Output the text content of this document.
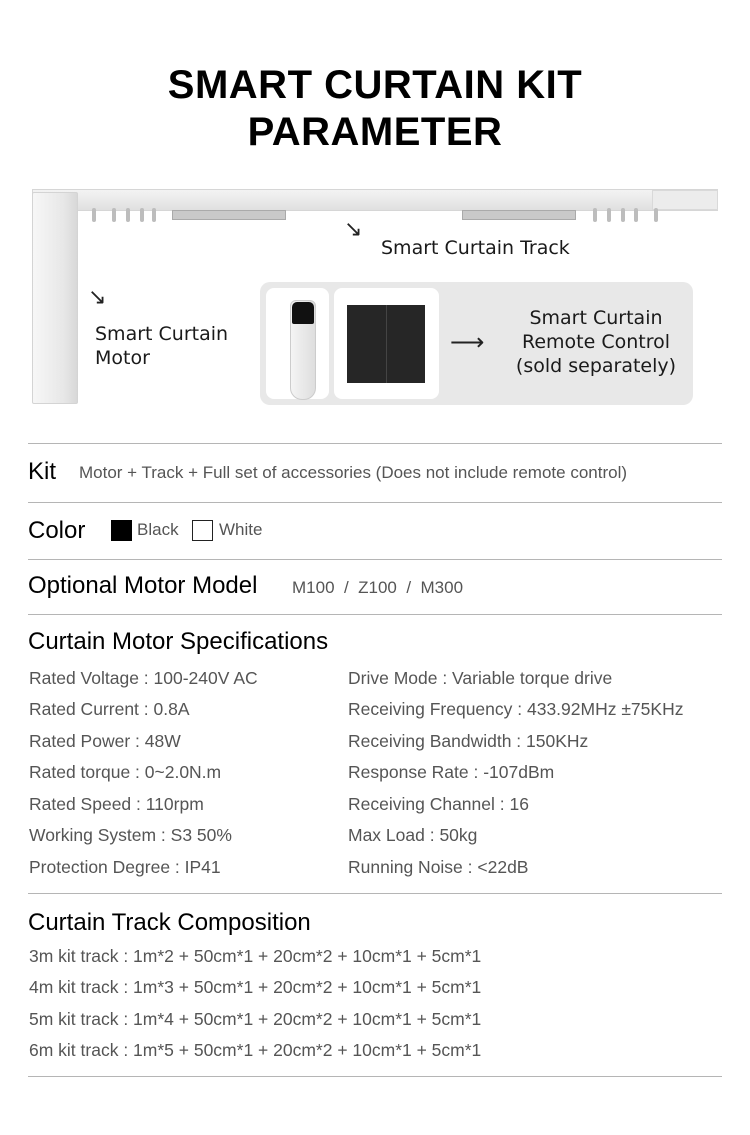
SMART CURTAIN KIT
PARAMETER
↘
Smart Curtain Track
↘
Smart Curtain
Motor
⟶
Smart Curtain
Remote Control
(sold separately)
Kit Motor + Track + Full set of accessories (Does not include remote control)
Color	Black White
Optional Motor Model M100  /  Z100  /  M300
Curtain Motor Specifications
Rated Voltage : 100-240V AC
Rated Current : 0.8A
Rated Power : 48W
Rated torque : 0~2.0N.m
Rated Speed : 110rpm
Working System : S3 50%
Protection Degree : IP41
Drive Mode : Variable torque drive
Receiving Frequency : 433.92MHz ±75KHz
Receiving Bandwidth : 150KHz
Response Rate : -107dBm
Receiving Channel : 16
Max Load : 50kg
Running Noise : <22dB
Curtain Track Composition
3m kit track : 1m*2 + 50cm*1 + 20cm*2 + 10cm*1 + 5cm*1
4m kit track : 1m*3 + 50cm*1 + 20cm*2 + 10cm*1 + 5cm*1
5m kit track : 1m*4 + 50cm*1 + 20cm*2 + 10cm*1 + 5cm*1
6m kit track : 1m*5 + 50cm*1 + 20cm*2 + 10cm*1 + 5cm*1
